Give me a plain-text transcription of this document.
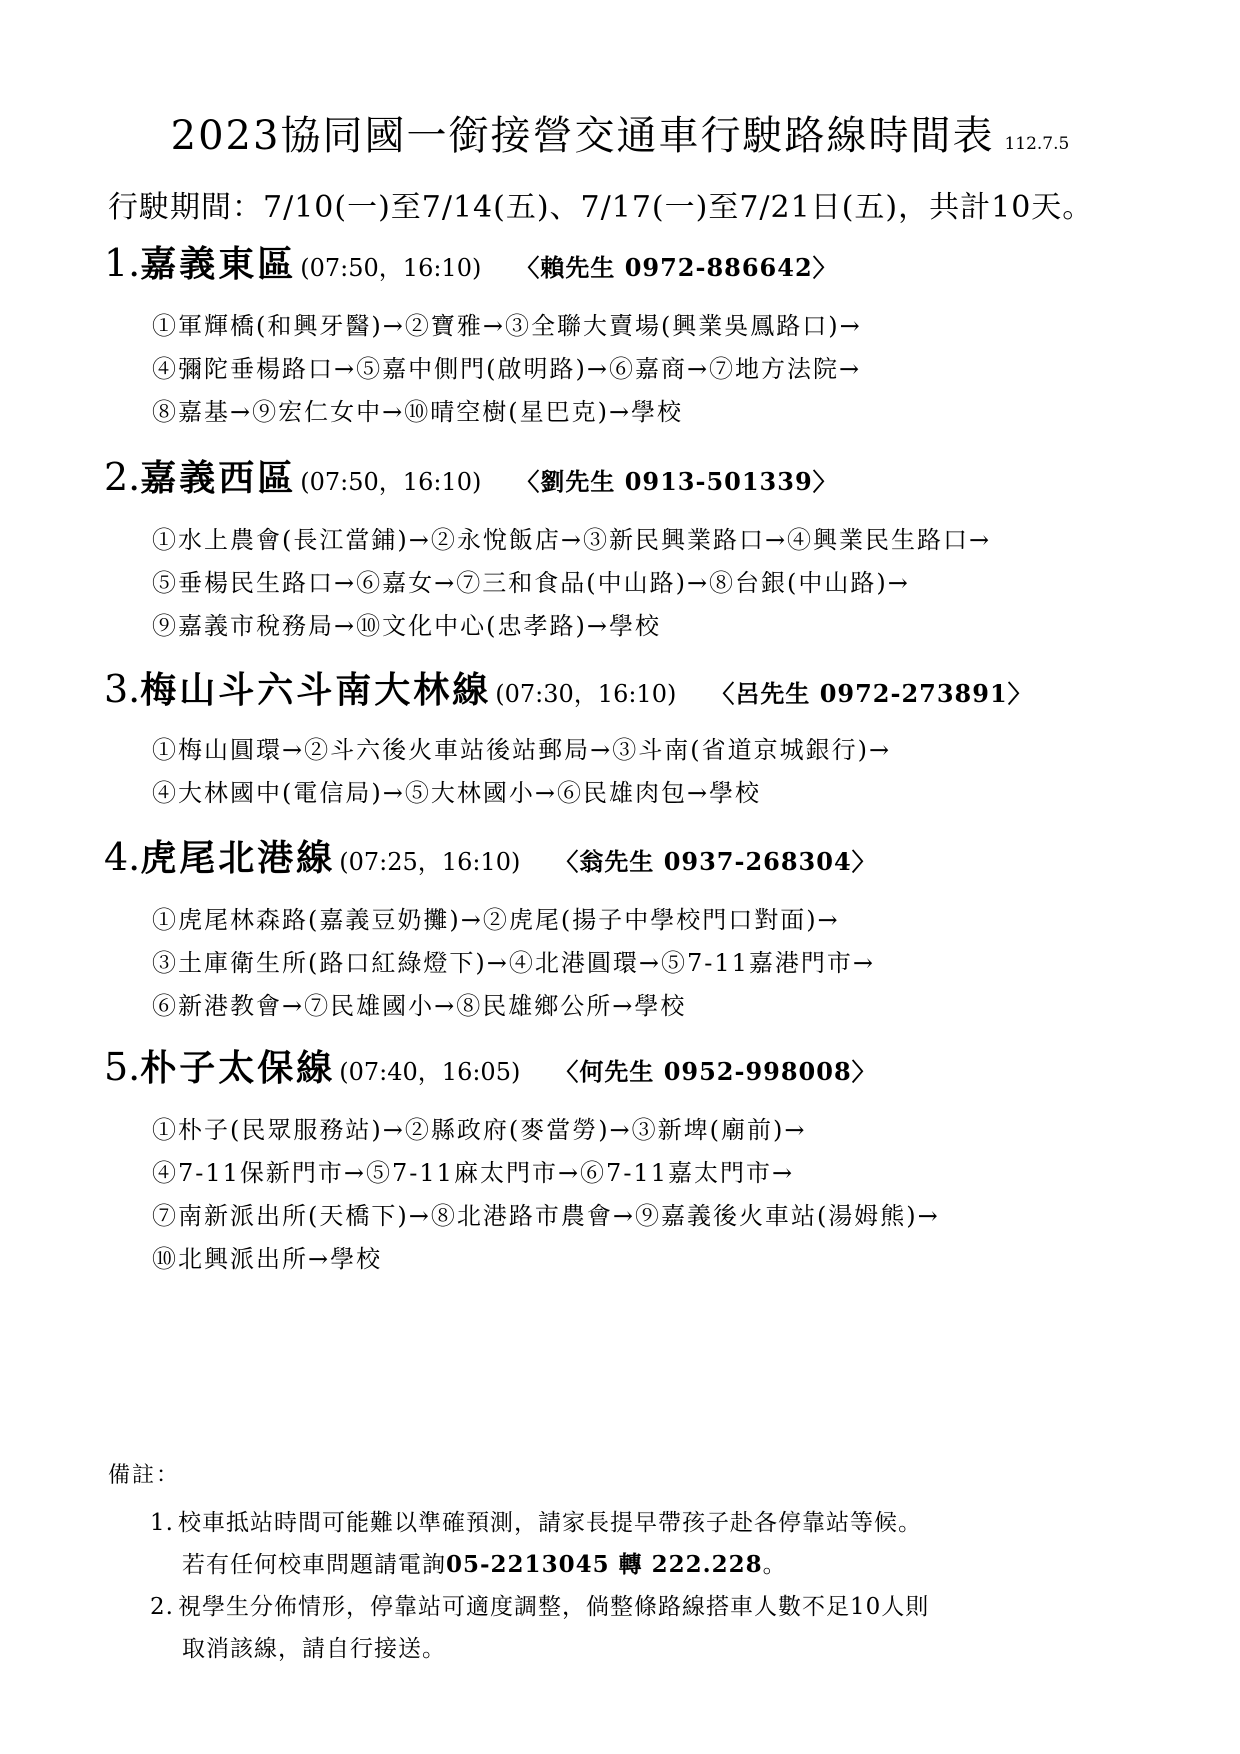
2023協同國一銜接營交通車行駛路線時間表 112.7.5
行駛期間：7/10(一)至7/14(五)、7/17(一)至7/21日(五)，共計10天。
1.嘉義東區 (07:50，16:10) 〈賴先生 0972-886642〉
①軍輝橋(和興牙醫)→②寶雅→③全聯大賣場(興業吳鳳路口)→
④彌陀垂楊路口→⑤嘉中側門(啟明路)→⑥嘉商→⑦地方法院→
⑧嘉基→⑨宏仁女中→⑩晴空樹(星巴克)→學校
2.嘉義西區 (07:50，16:10) 〈劉先生 0913-501339〉
①水上農會(長江當鋪)→②永悅飯店→③新民興業路口→④興業民生路口→
⑤垂楊民生路口→⑥嘉女→⑦三和食品(中山路)→⑧台銀(中山路)→
⑨嘉義市稅務局→⑩文化中心(忠孝路)→學校
3.梅山斗六斗南大林線 (07:30，16:10) 〈呂先生 0972-273891〉
①梅山圓環→②斗六後火車站後站郵局→③斗南(省道京城銀行)→
④大林國中(電信局)→⑤大林國小→⑥民雄肉包→學校
4.虎尾北港線 (07:25，16:10) 〈翁先生 0937-268304〉
①虎尾林森路(嘉義豆奶攤)→②虎尾(揚子中學校門口對面)→
③土庫衛生所(路口紅綠燈下)→④北港圓環→⑤7-11嘉港門市→
⑥新港教會→⑦民雄國小→⑧民雄鄉公所→學校
5.朴子太保線 (07:40，16:05) 〈何先生 0952-998008〉
①朴子(民眾服務站)→②縣政府(麥當勞)→③新埤(廟前)→
④7-11保新門市→⑤7-11麻太門市→⑥7-11嘉太門市→
⑦南新派出所(天橋下)→⑧北港路市農會→⑨嘉義後火車站(湯姆熊)→
⑩北興派出所→學校
備註：
1. 校車抵站時間可能難以準確預測，請家長提早帶孩子赴各停靠站等候。
若有任何校車問題請電詢05-2213045 轉 222.228。
2. 視學生分佈情形，停靠站可適度調整，倘整條路線搭車人數不足10人則
取消該線，請自行接送。
